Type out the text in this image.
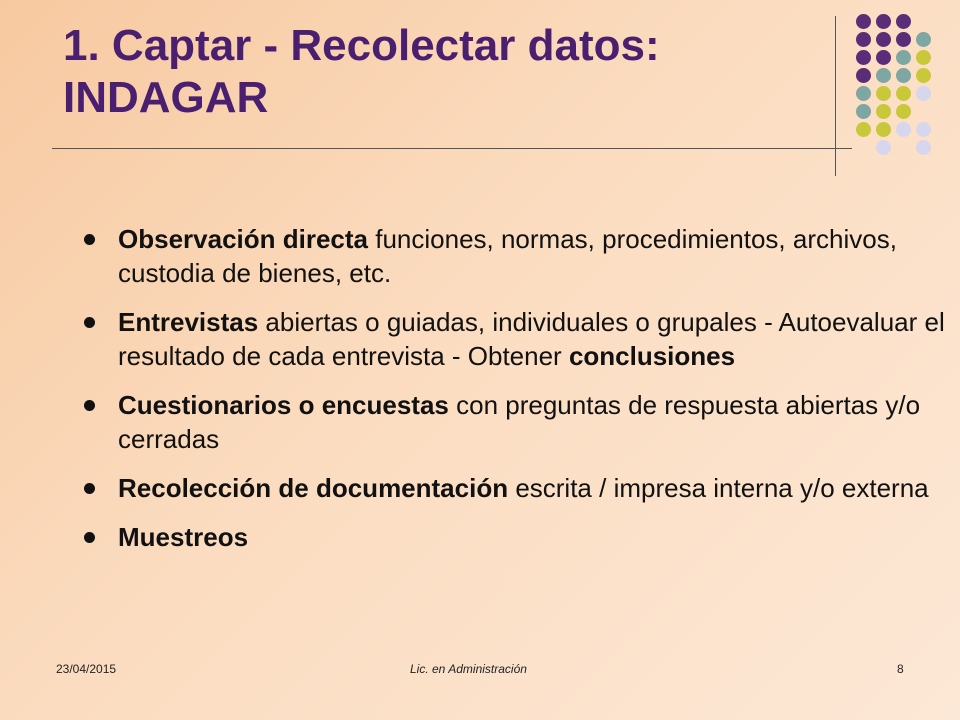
1. Captar - Recolectar datos:
INDAGAR
Observación directa funciones, normas, procedimientos, archivos, custodia de bienes, etc.
Entrevistas abiertas o guiadas, individuales o grupales - Autoevaluar el resultado de cada entrevista - Obtener conclusiones
Cuestionarios o encuestas con preguntas de respuesta abiertas y/o cerradas
Recolección de documentación escrita / impresa interna y/o externa
Muestreos
23/04/2015	Lic. en Administración	8
